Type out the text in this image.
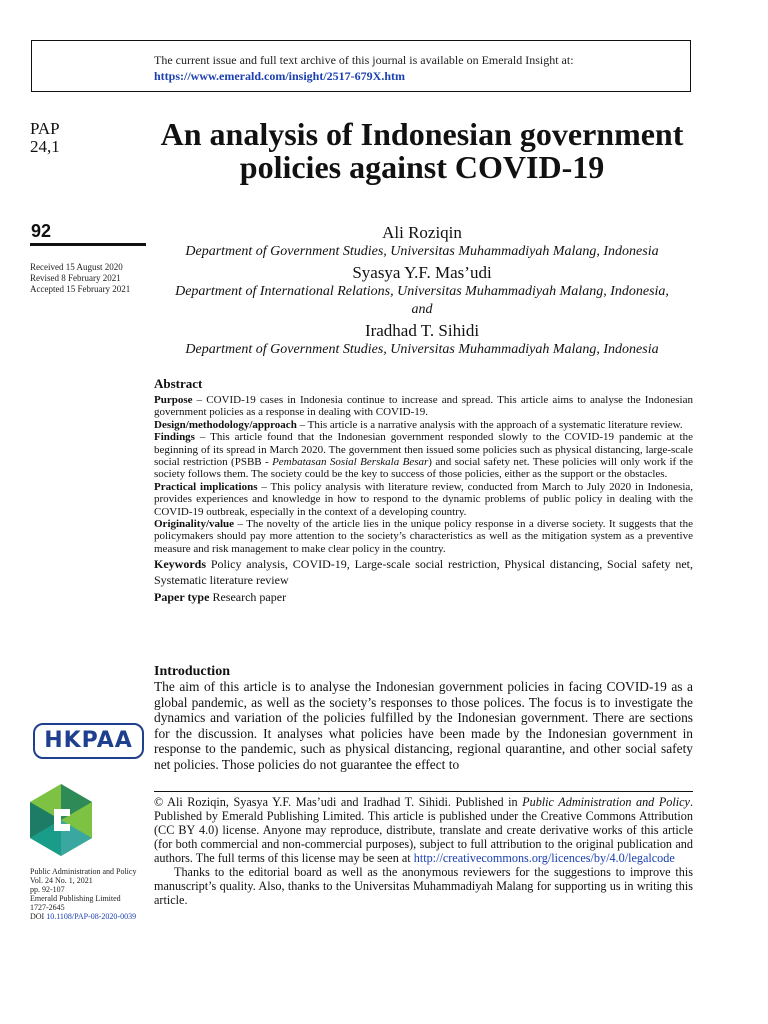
The current issue and full text archive of this journal is available on Emerald Insight at:
https://www.emerald.com/insight/2517-679X.htm
PAP
24,1	An analysis of Indonesian government policies against COVID-19
92
Received 15 August 2020
Revised 8 February 2021
Accepted 15 February 2021
Ali Roziqin
Department of Government Studies, Universitas Muhammadiyah Malang, Indonesia
Syasya Y.F. Mas’udi
Department of International Relations, Universitas Muhammadiyah Malang, Indonesia, and
Iradhad T. Sihidi
Department of Government Studies, Universitas Muhammadiyah Malang, Indonesia
Abstract

Purpose – COVID-19 cases in Indonesia continue to increase and spread. This article aims to analyse the Indonesian government policies as a response in dealing with COVID-19.

Design/methodology/approach – This article is a narrative analysis with the approach of a systematic literature review.

Findings – This article found that the Indonesian government responded slowly to the COVID-19 pandemic at the beginning of its spread in March 2020. The government then issued some policies such as physical distancing, large-scale social restriction (PSBB - Pembatasan Sosial Berskala Besar) and social safety net. These policies will only work if the society follows them. The society could be the key to success of those policies, either as the support or the obstacles.

Practical implications – This policy analysis with literature review, conducted from March to July 2020 in Indonesia, provides experiences and knowledge in how to respond to the dynamic problems of public policy in dealing with the COVID-19 outbreak, especially in the context of a developing country.

Originality/value – The novelty of the article lies in the unique policy response in a diverse society. It suggests that the policymakers should pay more attention to the society’s characteristics as well as the mitigation system as a preventive measure and risk management to make clear policy in the country.

Keywords Policy analysis, COVID-19, Large-scale social restriction, Physical distancing, Social safety net, Systematic literature review

Paper type Research paper

Introduction

The aim of this article is to analyse the Indonesian government policies in facing COVID-19 as a global pandemic, as well as the society’s responses to those polices. The focus is to investigate the dynamics and variation of the policies fulfilled by the Indonesian government. There are sections for the discussion. It analyses what policies have been made by the Indonesian government in response to the pandemic, such as physical distancing, regional quarantine, and other social safety net policies. Those policies do not guarantee the effect to

HKPAA
Public Administration and Policy
Vol. 24 No. 1, 2021
pp. 92-107
Emerald Publishing Limited
1727-2645
DOI 10.1108/PAP-08-2020-0039

© Ali Roziqin, Syasya Y.F. Mas’udi and Iradhad T. Sihidi. Published in Public Administration and Policy. Published by Emerald Publishing Limited. This article is published under the Creative Commons Attribution (CC BY 4.0) license. Anyone may reproduce, distribute, translate and create derivative works of this article (for both commercial and non-commercial purposes), subject to full attribution to the original publication and authors. The full terms of this license may be seen at http://creativecommons.org/licences/by/4.0/legalcode

Thanks to the editorial board as well as the anonymous reviewers for the suggestions to improve this manuscript’s quality. Also, thanks to the Universitas Muhammadiyah Malang for supporting us in writing this article.
